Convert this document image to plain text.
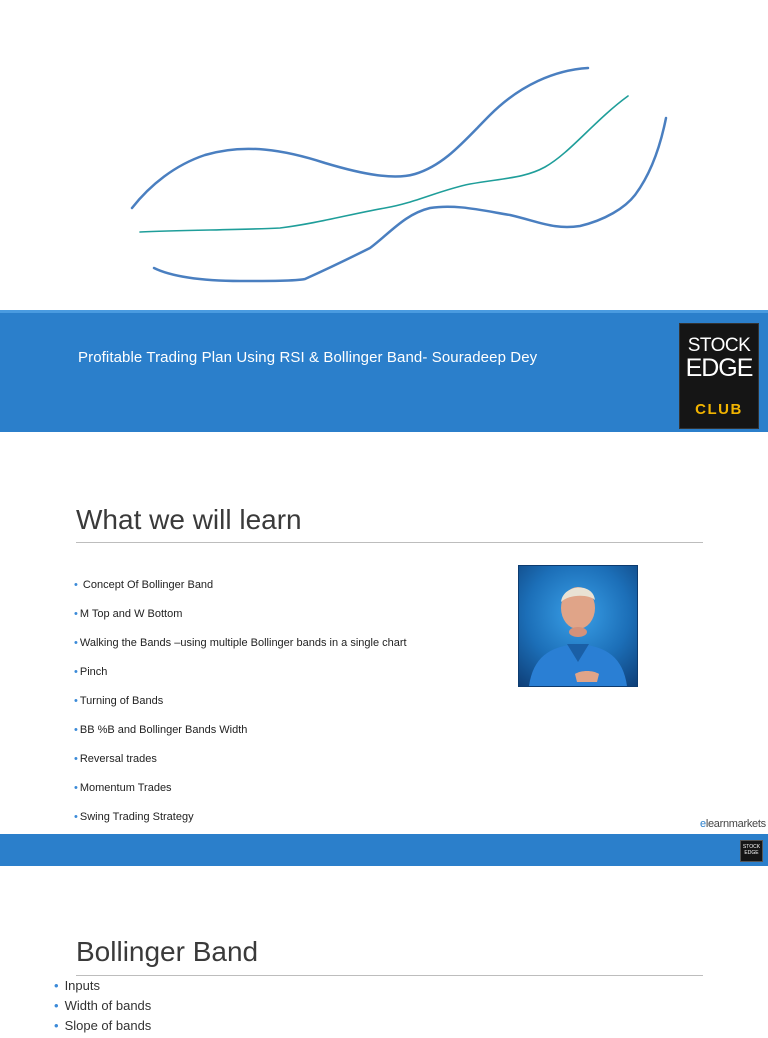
Profitable Trading Plan Using RSI & Bollinger Band- Souradeep Dey
STOCK
EDGE
CLUB
What we will learn
• Concept Of Bollinger Band
• M Top and W Bottom
• Walking the Bands –using multiple Bollinger bands in a single chart
• Pinch
• Turning of Bands
• BB %B and Bollinger Bands Width
• Reversal trades
• Momentum Trades
• Swing Trading Strategy
elearnmarkets
STOCK
EDGE
Bollinger Band
• Inputs
• Width of bands
• Slope of bands
